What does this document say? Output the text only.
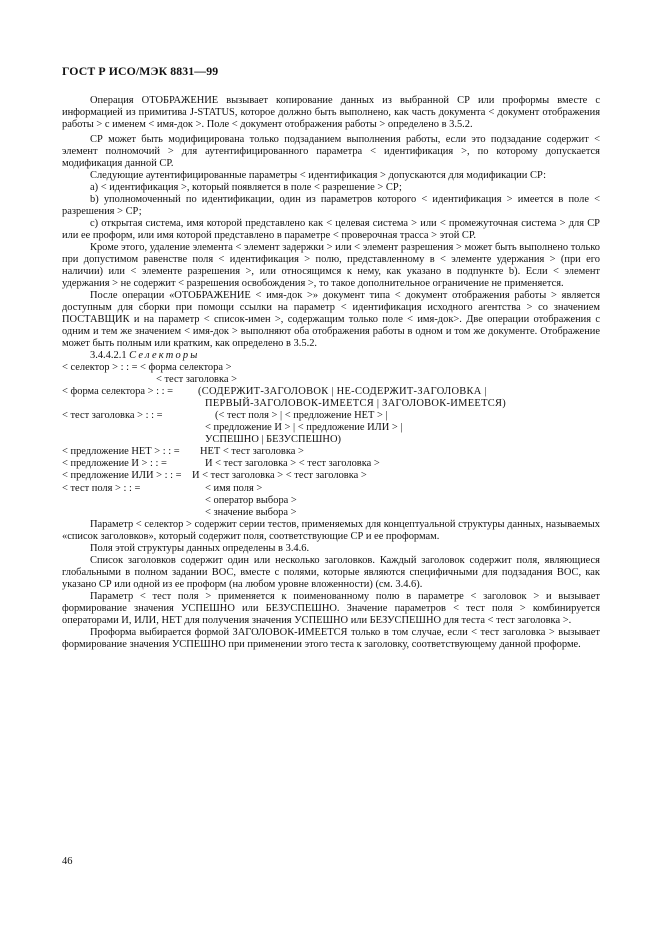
ГОСТ Р ИСО/МЭК 8831—99

Операция ОТОБРАЖЕНИЕ вызывает копирование данных из выбранной СР или проформы вместе с информацией из примитива J-STATUS, которое должно быть выполнено, как часть документа < документ отображения работы > с именем < имя-док >. Поле < документ отображения работы > определено в 3.5.2.

СР может быть модифицирована только подзаданием выполнения работы, если это подзадание содержит < элемент полномочий > для аутентифицированного параметра < идентификация >, по которому допускается модификация данной СР.

Следующие аутентифицированные параметры < идентификация > допускаются для модификации СР:

a) < идентификация >, который появляется в поле < разрешение > СР;

b) уполномоченный по идентификации, один из параметров которого < идентификация > имеется в поле < разрешения > СР;

c) открытая система, имя которой представлено как < целевая система > или < промежуточная система > для СР или ее проформ, или имя которой представлено в параметре < проверочная трасса > этой СР.

Кроме этого, удаление элемента < элемент задержки > или < элемент разрешения > может быть выполнено только при допустимом равенстве поля < идентификация > полю, представленному в < элементе удержания > (при его наличии) или < элементе разрешения >, или относящимся к нему, как указано в подпункте b). Если < элемент удержания > не содержит < разрешения освобождения >, то такое дополнительное ограничение не применяется.

После операции «ОТОБРАЖЕНИЕ < имя-док >» документ типа < документ отображения работы > является доступным для сборки при помощи ссылки на параметр < идентификация исходного агентства > со значением ПОСТАВЩИК и на параметр < список-имен >, содержащим только поле < имя-док>. Две операции отображения с одним и тем же значением < имя-док > выполняют оба отображения работы в одном и том же документе. Отображение может быть полным или кратким, как определено в 3.5.2.

3.4.4.2.1 Селекторы

< селектор > : : = < форма селектора >
< тест заголовка >
< форма селектора > : : = (СОДЕРЖИТ-ЗАГОЛОВОК | НЕ-СОДЕРЖИТ-ЗАГОЛОВКА |
ПЕРВЫЙ-ЗАГОЛОВОК-ИМЕЕТСЯ | ЗАГОЛОВОК-ИМЕЕТСЯ)
< тест заголовка > : : =	(< тест поля > | < предложение НЕТ > |
< предложение И > | < предложение ИЛИ > |
УСПЕШНО | БЕЗУСПЕШНО)
< предложение НЕТ > : : = НЕТ < тест заголовка >
< предложение И > : : =	И < тест заголовка > < тест заголовка >
< предложение ИЛИ > : : = И < тест заголовка > < тест заголовка >
< тест поля > : : =	< имя поля >
< оператор выбора >
< значение выбора >

Параметр < селектор > содержит серии тестов, применяемых для концептуальной структуры данных, называемых «список заголовков», который содержит поля, соответствующие СР и ее проформам.

Поля этой структуры данных определены в 3.4.6.

Список заголовков содержит один или несколько заголовков. Каждый заголовок содержит поля, являющиеся глобальными в полном задании ВОС, вместе с полями, которые являются специфичными для подзадания ВОС, как указано СР или одной из ее проформ (на любом уровне вложенности) (см. 3.4.6).

Параметр < тест поля > применяется к поименованному полю в параметре < заголовок > и вызывает формирование значения УСПЕШНО или БЕЗУСПЕШНО. Значение параметров < тест поля > комбинируется операторами И, ИЛИ, НЕТ для получения значения УСПЕШНО или БЕЗУСПЕШНО для теста < тест заголовка >.

Проформа выбирается формой ЗАГОЛОВОК-ИМЕЕТСЯ только в том случае, если < тест заголовка > вызывает формирование значения УСПЕШНО при применении этого теста к заголовку, соответствующему данной проформе.

46
